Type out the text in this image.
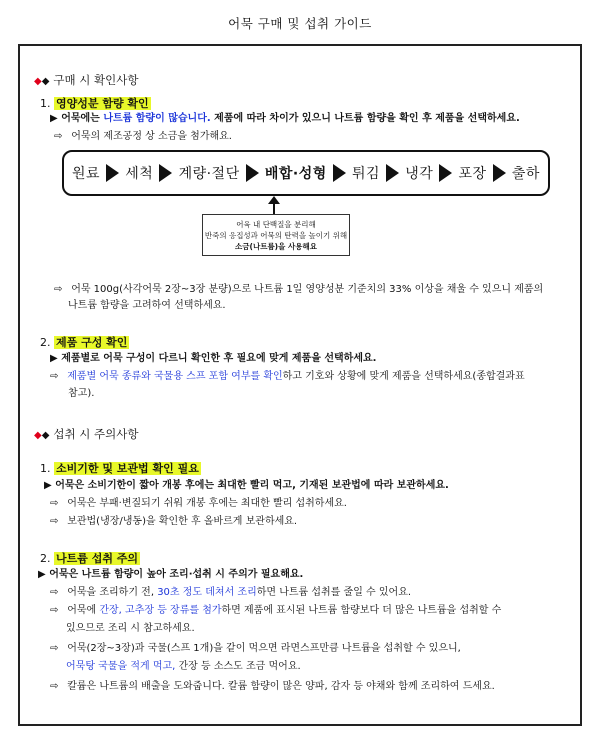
어묵 구매 및 섭취 가이드
◆◆ 구매 시 확인사항
1. 영양성분 함량 확인
▶ 어묵에는 나트륨 함량이 많습니다. 제품에 따라 차이가 있으니 나트륨 함량을 확인 후 제품을 선택하세요.
⇨ 어묵의 제조공정 상 소금을 첨가해요.
원료 세척 계량·절단 배합·성형 튀김 냉각 포장 출하
어육 내 단백질을 분리해
반죽의 응집성과 어묵의 탄력을 높이기 위해
소금(나트륨)을 사용해요
⇨ 어묵 100g(사각어묵 2장~3장 분량)으로 나트륨 1일 영양성분 기준치의 33% 이상을 채울 수 있으니 제품의
나트륨 함량을 고려하여 선택하세요.
2. 제품 구성 확인
▶ 제품별로 어묵 구성이 다르니 확인한 후 필요에 맞게 제품을 선택하세요.
⇨ 제품별 어묵 종류와 국물용 스프 포함 여부를 확인하고 기호와 상황에 맞게 제품을 선택하세요(종합결과표
참고).
◆◆ 섭취 시 주의사항
1. 소비기한 및 보관법 확인 필요
▶ 어묵은 소비기한이 짧아 개봉 후에는 최대한 빨리 먹고, 기재된 보관법에 따라 보관하세요.
⇨ 어묵은 부패·변질되기 쉬워 개봉 후에는 최대한 빨리 섭취하세요.
⇨ 보관법(냉장/냉동)을 확인한 후 올바르게 보관하세요.
2. 나트륨 섭취 주의
▶ 어묵은 나트륨 함량이 높아 조리·섭취 시 주의가 필요해요.
⇨ 어묵을 조리하기 전, 30초 정도 데쳐서 조리하면 나트륨 섭취를 줄일 수 있어요.
⇨ 어묵에 간장, 고추장 등 장류를 첨가하면 제품에 표시된 나트륨 함량보다 더 많은 나트륨을 섭취할 수
있으므로 조리 시 참고하세요.
⇨ 어묵(2장~3장)과 국물(스프 1개)을 같이 먹으면 라면스프만큼 나트륨을 섭취할 수 있으니,
어묵탕 국물을 적게 먹고, 간장 등 소스도 조금 먹어요.
⇨ 칼륨은 나트륨의 배출을 도와줍니다. 칼륨 함량이 많은 양파, 감자 등 야채와 함께 조리하여 드세요.
